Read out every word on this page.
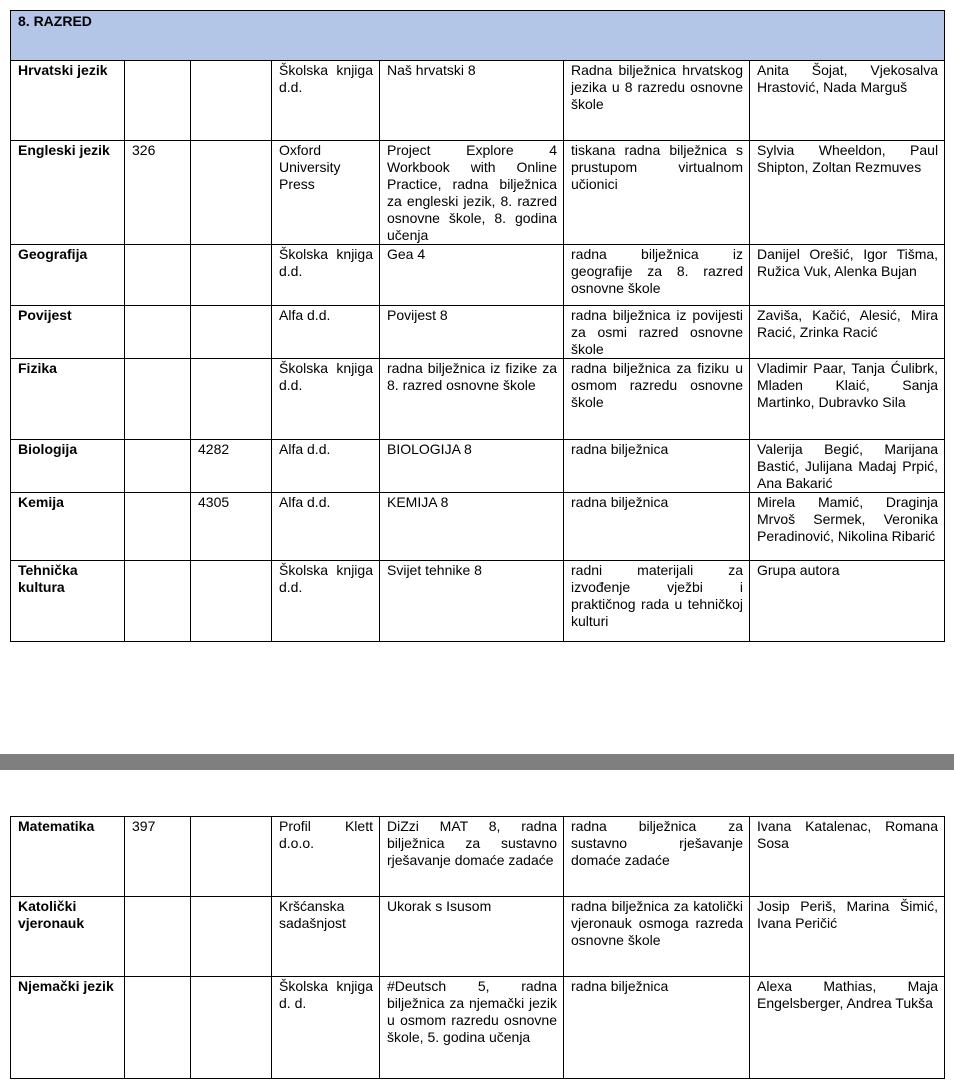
8. RAZRED						
Hrvatski jezik			Školska knjiga d.d.	Naš hrvatski 8	Radna bilježnica hrvatskog jezika u 8 razredu osnovne škole	Anita Šojat, Vjekosalva Hrastović, Nada Marguš
Engleski jezik	326		Oxford University Press	Project Explore 4 Workbook with Online Practice, radna bilježnica za engleski jezik, 8. razred osnovne škole, 8. godina učenja	tiskana radna bilježnica s prustupom virtualnom učionici	Sylvia Wheeldon, Paul Shipton, Zoltan Rezmuves
Geografija			Školska knjiga d.d.	Gea 4	radna bilježnica iz geografije za 8. razred osnovne škole	Danijel Orešić, Igor Tišma, Ružica Vuk, Alenka Bujan
Povijest			Alfa d.d.	Povijest 8	radna bilježnica iz povijesti za osmi razred osnovne škole	Zaviša, Kačić, Alesić, Mira Racić, Zrinka Racić
Fizika			Školska knjiga d.d.	radna bilježnica iz fizike za 8. razred osnovne škole	radna bilježnica za fiziku u osmom razredu osnovne škole	Vladimir Paar, Tanja Ćulibrk, Mladen Klaić, Sanja Martinko, Dubravko Sila
Biologija		4282	Alfa d.d.	BIOLOGIJA 8	radna bilježnica	Valerija Begić, Marijana Bastić, Julijana Madaj Prpić, Ana Bakarić
Kemija		4305	Alfa d.d.	KEMIJA 8	radna bilježnica	Mirela Mamić, Draginja Mrvoš Sermek, Veronika Peradinović, Nikolina Ribarić
Tehnička kultura			Školska knjiga d.d.	Svijet tehnike 8	radni materijali za izvođenje vježbi i praktičnog rada u tehničkoj kulturi	Grupa autora
Matematika	397		Profil Klett d.o.o.	DiZzi MAT 8, radna bilježnica za sustavno rješavanje domaće zadaće	radna bilježnica za sustavno rješavanje domaće zadaće	Ivana Katalenac, Romana Sosa
Katolički vjeronauk			Kršćanska sadašnjost	Ukorak s Isusom	radna bilježnica za katolički vjeronauk osmoga razreda osnovne škole	Josip Periš, Marina Šimić, Ivana Peričić
Njemački jezik			Školska knjiga d. d.	#Deutsch 5, radna bilježnica za njemački jezik u osmom razredu osnovne škole, 5. godina učenja	radna bilježnica	Alexa Mathias, Maja Engelsberger, Andrea Tukša
